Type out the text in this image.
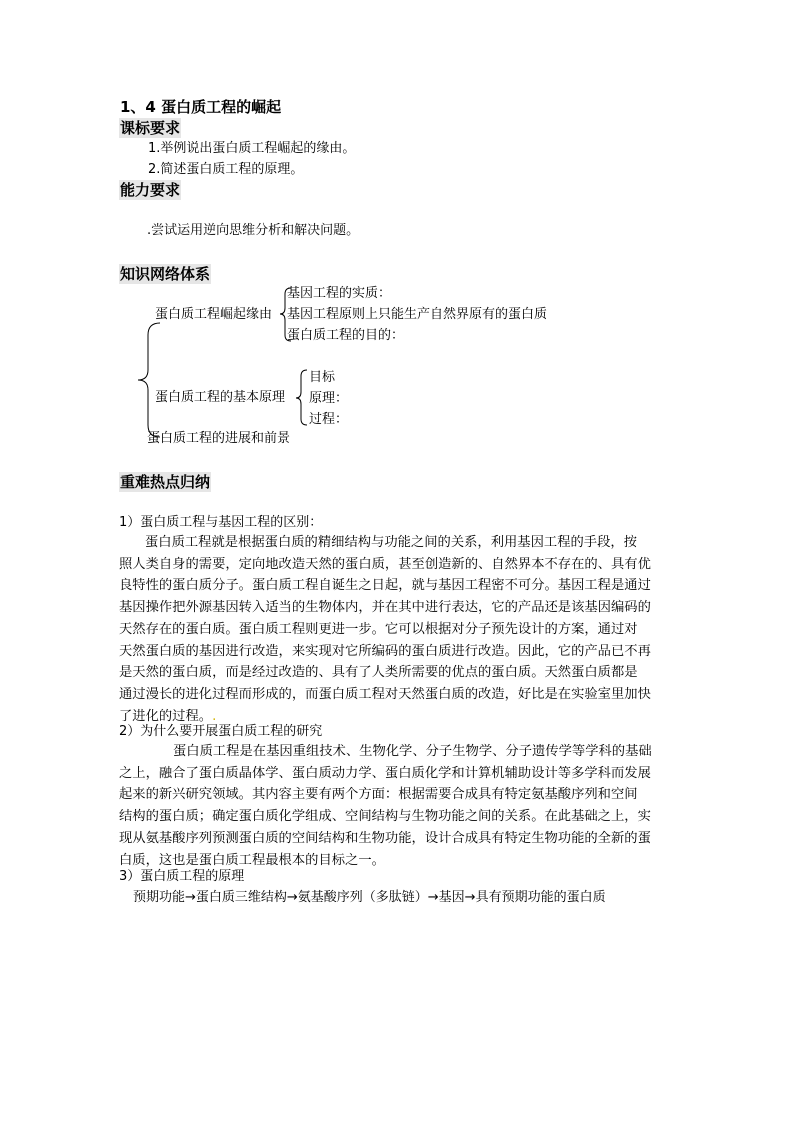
1、4 蛋白质工程的崛起
课标要求
1.举例说出蛋白质工程崛起的缘由。
2.简述蛋白质工程的原理。
能力要求
.尝试运用逆向思维分析和解决问题。
知识网络体系
蛋白质工程崛起缘由
基因工程的实质：
基因工程原则上只能生产自然界原有的蛋白质
蛋白质工程的目的：
蛋白质工程的基本原理
目标
原理：
过程：
蛋白质工程的进展和前景
重难热点归纳
1）蛋白质工程与基因工程的区别：
蛋白质工程就是根据蛋白质的精细结构与功能之间的关系，利用基因工程的手段，按
照人类自身的需要，定向地改造天然的蛋白质，甚至创造新的、自然界本不存在的、具有优
良特性的蛋白质分子。蛋白质工程自诞生之日起，就与基因工程密不可分。基因工程是通过
基因操作把外源基因转入适当的生物体内，并在其中进行表达，它的产品还是该基因编码的
天然存在的蛋白质。蛋白质工程则更进一步。它可以根据对分子预先设计的方案，通过对
天然蛋白质的基因进行改造，来实现对它所编码的蛋白质进行改造。因此，它的产品已不再
是天然的蛋白质，而是经过改造的、具有了人类所需要的优点的蛋白质。天然蛋白质都是
通过漫长的进化过程而形成的，而蛋白质工程对天然蛋白质的改造，好比是在实验室里加快
了进化的过程。.
2）为什么要开展蛋白质工程的研究
蛋白质工程是在基因重组技术、生物化学、分子生物学、分子遗传学等学科的基础
之上，融合了蛋白质晶体学、蛋白质动力学、蛋白质化学和计算机辅助设计等多学科而发展
起来的新兴研究领域。其内容主要有两个方面：根据需要合成具有特定氨基酸序列和空间
结构的蛋白质；确定蛋白质化学组成、空间结构与生物功能之间的关系。在此基础之上，实
现从氨基酸序列预测蛋白质的空间结构和生物功能，设计合成具有特定生物功能的全新的蛋
白质，这也是蛋白质工程最根本的目标之一。
3）蛋白质工程的原理
预期功能→蛋白质三维结构→氨基酸序列（多肽链）→基因→具有预期功能的蛋白质
